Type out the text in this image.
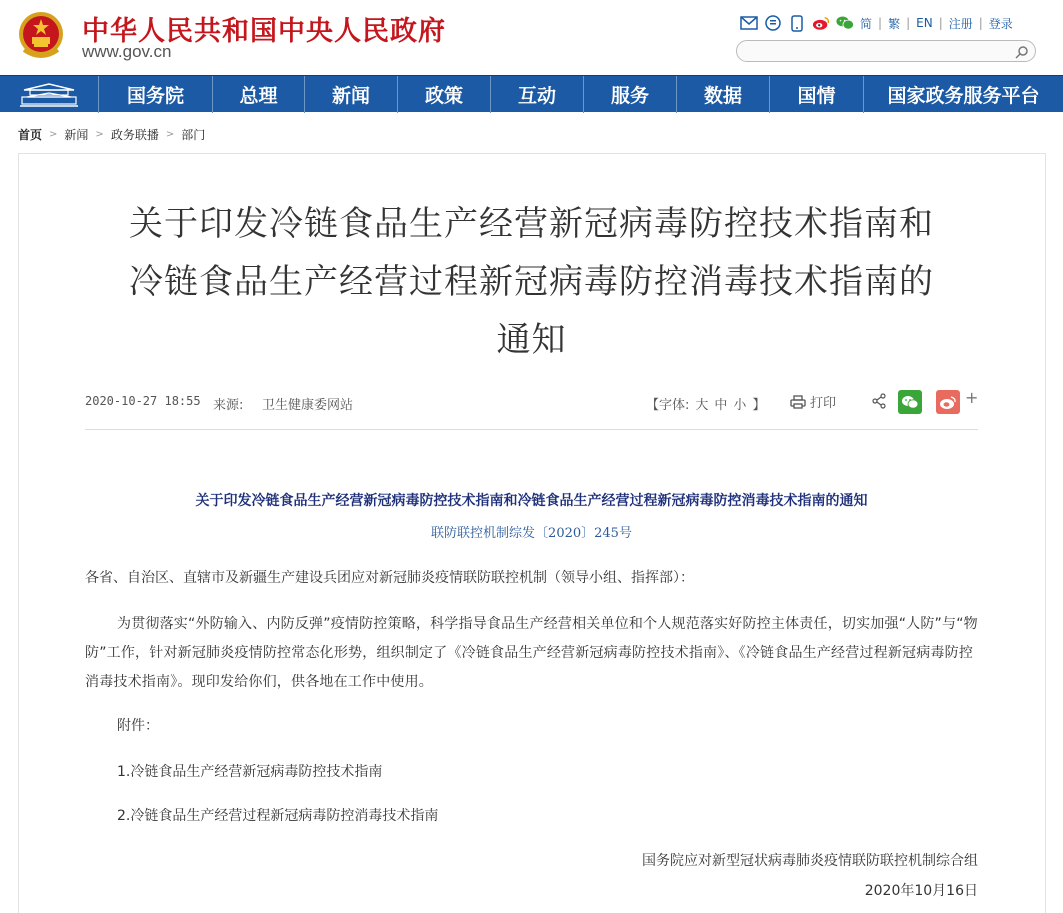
中华人民共和国中央人民政府
www.gov.cn
简 | 繁 | EN | 注册 | 登录
国务院	总理	新闻	政策	互动	服务	数据	国情	国家政务服务平台
首页 > 新闻 > 政务联播 > 部门
关于印发冷链食品生产经营新冠病毒防控技术指南和
冷链食品生产经营过程新冠病毒防控消毒技术指南的
通知
2020-10-27 18:55 来源: 卫生健康委网站	【字体: 大 中 小 】	打印	+
关于印发冷链食品生产经营新冠病毒防控技术指南和冷链食品生产经营过程新冠病毒防控消毒技术指南的通知
联防联控机制综发〔2020〕245号
各省、自治区、直辖市及新疆生产建设兵团应对新冠肺炎疫情联防联控机制（领导小组、指挥部）：
为贯彻落实“外防输入、内防反弹”疫情防控策略，科学指导食品生产经营相关单位和个人规范落实好防控主体责任，切实加强“人防”与“物防”工作，针对新冠肺炎疫情防控常态化形势，组织制定了《冷链食品生产经营新冠病毒防控技术指南》、《冷链食品生产经营过程新冠病毒防控消毒技术指南》。现印发给你们，供各地在工作中使用。
附件：
1.冷链食品生产经营新冠病毒防控技术指南
2.冷链食品生产经营过程新冠病毒防控消毒技术指南
国务院应对新型冠状病毒肺炎疫情联防联控机制综合组
2020年10月16日
